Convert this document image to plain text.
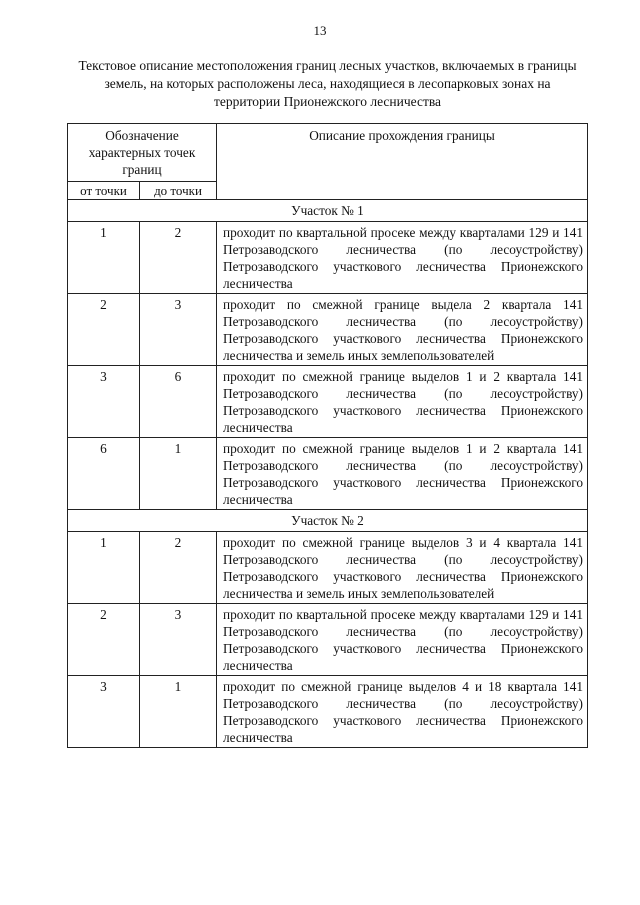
13
Текстовое описание местоположения границ лесных участков, включаемых в границы земель, на которых расположены леса, находящиеся в лесопарковых зонах на территории Прионежского лесничества
Обозначение характерных точек границ		Описание прохождения границы
от точки	до точки	
Участок № 1		
1	2	проходит по квартальной просеке между кварталами 129 и 141 Петрозаводского лесничества (по лесоустройству) Петрозаводского участкового лесничества Прионежского лесничества
2	3	проходит по смежной границе выдела 2 квартала 141 Петрозаводского лесничества (по лесоустройству) Петрозаводского участкового лесничества Прионежского лесничества и земель иных землепользователей
3	6	проходит по смежной границе выделов 1 и 2 квартала 141 Петрозаводского лесничества (по лесоустройству) Петрозаводского участкового лесничества Прионежского лесничества
6	1	проходит по смежной границе выделов 1 и 2 квартала 141 Петрозаводского лесничества (по лесоустройству) Петрозаводского участкового лесничества Прионежского лесничества
Участок № 2		
1	2	проходит по смежной границе выделов 3 и 4 квартала 141 Петрозаводского лесничества (по лесоустройству) Петрозаводского участкового лесничества Прионежского лесничества и земель иных землепользователей
2	3	проходит по квартальной просеке между кварталами 129 и 141 Петрозаводского лесничества (по лесоустройству) Петрозаводского участкового лесничества Прионежского лесничества
3	1	проходит по смежной границе выделов 4 и 18 квартала 141 Петрозаводского лесничества (по лесоустройству) Петрозаводского участкового лесничества Прионежского лесничества
